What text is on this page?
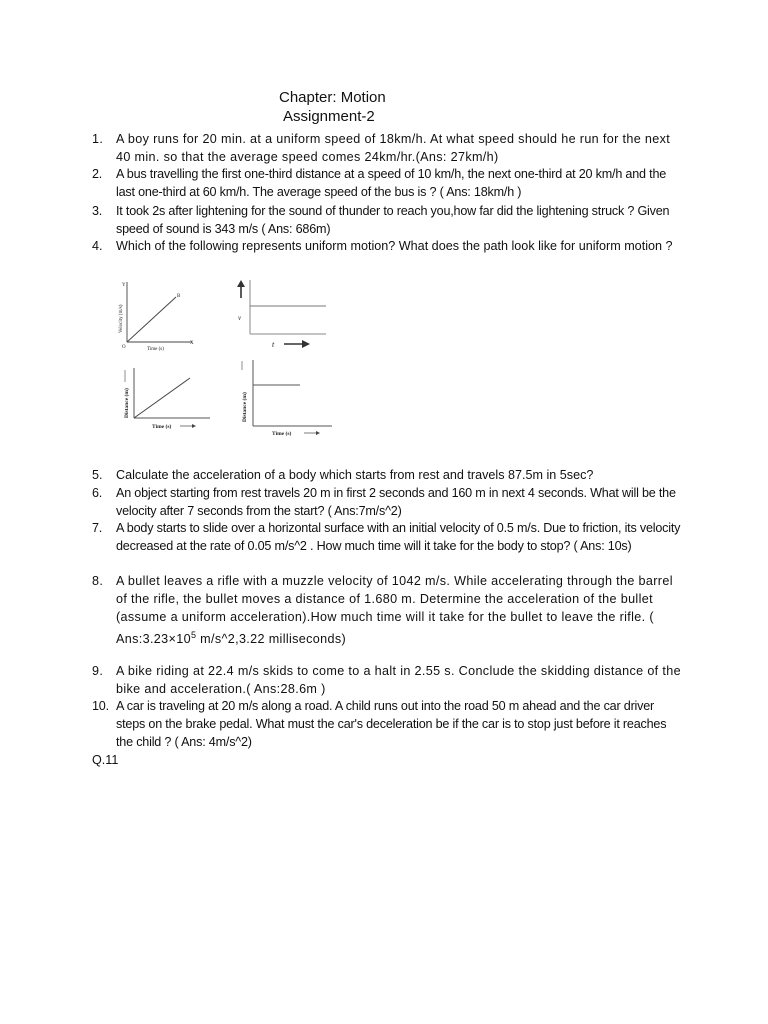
Chapter: Motion
Assignment-2
1. A boy runs for 20 min. at a uniform speed of 18km/h. At what speed should he run for the next 40 min. so that the average speed comes 24km/hr.(Ans: 27km/h)
2. A bus travelling the first one-third distance at a speed of 10 km/h, the next one-third at 20 km/h and the last one-third at 60 km/h. The average speed of the bus is ? ( Ans: 18km/h )
3. It took 2s after lightening for the sound of thunder to reach you,how far did the lightening struck ? Given speed of sound is 343 m/s ( Ans: 686m)
4. Which of the following represents uniform motion? What does the path look like for uniform motion ?
Y
X
O
B
Time (s)
Velocity (m/s)	v
t
Distance (m)
Time (s)
Distance (m)
Time (s)
5. Calculate the acceleration of a body which starts from rest and travels 87.5m in 5sec?
6. An object starting from rest travels 20 m in first 2 seconds and 160 m in next 4 seconds. What will be the velocity after 7 seconds from the start? ( Ans:7m/s^2)
7. A body starts to slide over a horizontal surface with an initial velocity of 0.5 m/s. Due to friction, its velocity decreased at the rate of 0.05 m/s^2 . How much time will it take for the body to stop? ( Ans: 10s)
8. A bullet leaves a rifle with a muzzle velocity of 1042 m/s. While accelerating through the barrel of the rifle, the bullet moves a distance of 1.680 m. Determine the acceleration of the bullet (assume a uniform acceleration).How much time will it take for the bullet to leave the rifle. ( $Ans:3.23\times 10^5$ m/s^2,3.22 milliseconds)
9. A bike riding at 22.4 m/s skids to come to a halt in 2.55 s. Conclude the skidding distance of the bike and acceleration.( Ans:28.6m )
10. A car is traveling at 20 m/s along a road. A child runs out into the road 50 m ahead and the car driver steps on the brake pedal. What must the car's deceleration be if the car is to stop just before it reaches the child ? ( Ans: 4m/s^2)
Q.11
